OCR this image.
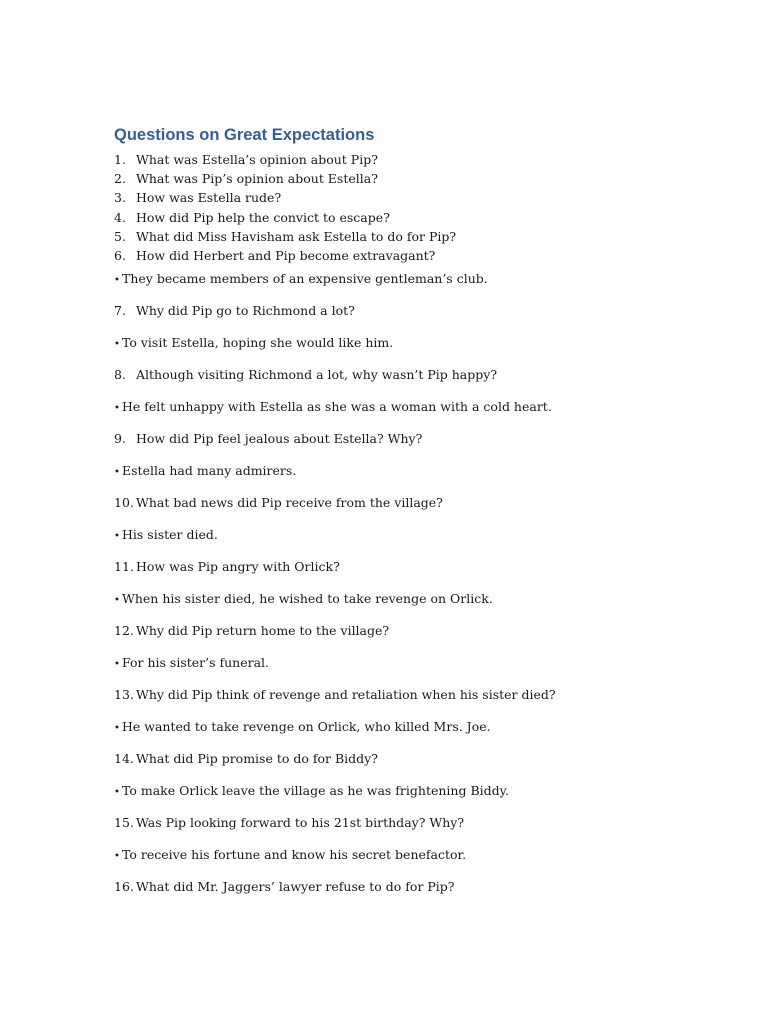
Questions on Great Expectations
1. What was Estella’s opinion about Pip?
2. What was Pip’s opinion about Estella?
3. How was Estella rude?
4. How did Pip help the convict to escape?
5. What did Miss Havisham ask Estella to do for Pip?
6. How did Herbert and Pip become extravagant?
• They became members of an expensive gentleman’s club.
7. Why did Pip go to Richmond a lot?
• To visit Estella, hoping she would like him.
8. Although visiting Richmond a lot, why wasn’t Pip happy?
• He felt unhappy with Estella as she was a woman with a cold heart.
9. How did Pip feel jealous about Estella? Why?
• Estella had many admirers.
10. What bad news did Pip receive from the village?
• His sister died.
11. How was Pip angry with Orlick?
• When his sister died, he wished to take revenge on Orlick.
12. Why did Pip return home to the village?
• For his sister’s funeral.
13. Why did Pip think of revenge and retaliation when his sister died?
• He wanted to take revenge on Orlick, who killed Mrs. Joe.
14. What did Pip promise to do for Biddy?
• To make Orlick leave the village as he was frightening Biddy.
15. Was Pip looking forward to his 21st birthday? Why?
• To receive his fortune and know his secret benefactor.
16. What did Mr. Jaggers’ lawyer refuse to do for Pip?
